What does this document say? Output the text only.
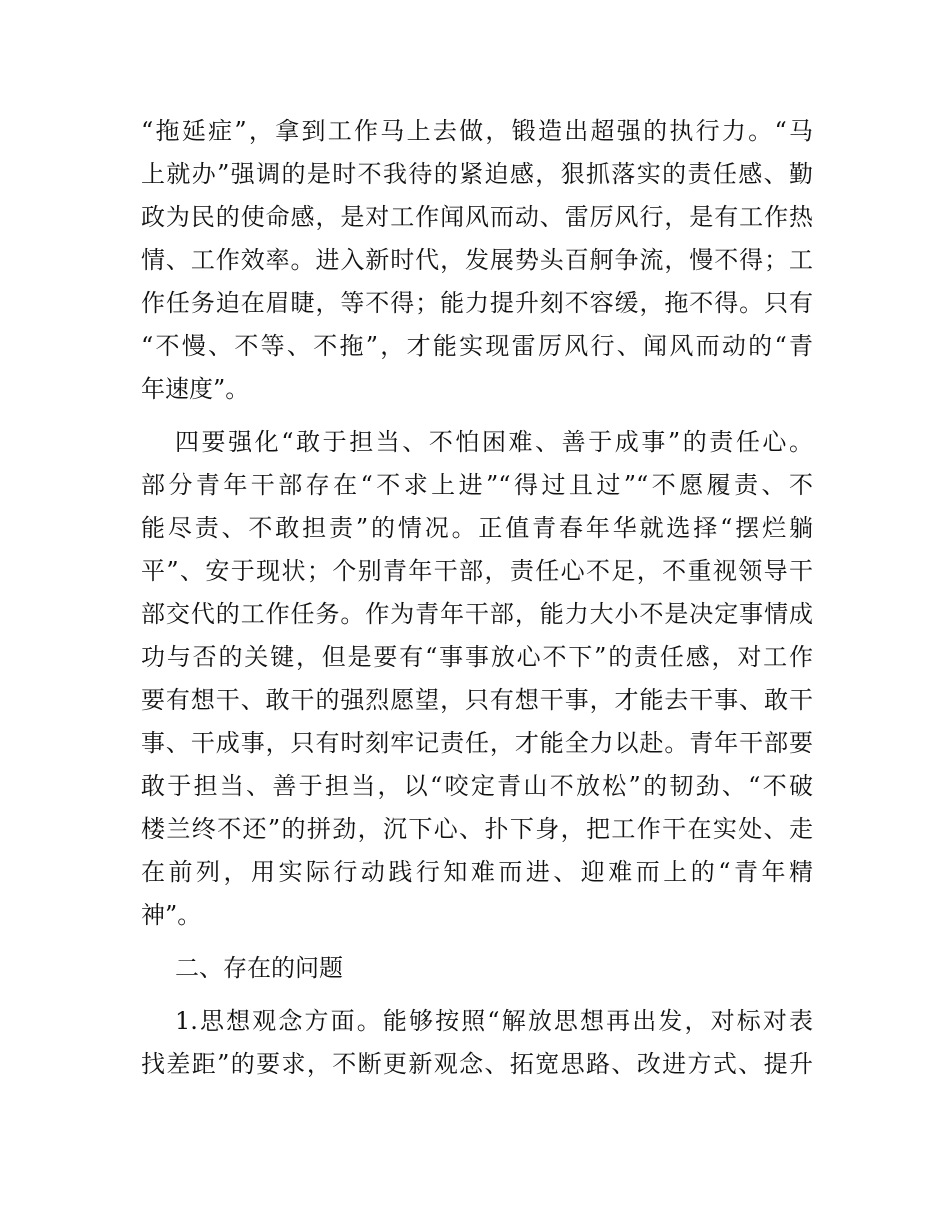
“拖延症”，拿到工作马上去做，锻造出超强的执行力。“马
上就办”强调的是时不我待的紧迫感，狠抓落实的责任感、勤
政为民的使命感，是对工作闻风而动、雷厉风行，是有工作热
情、工作效率。进入新时代，发展势头百舸争流，慢不得；工
作任务迫在眉睫，等不得；能力提升刻不容缓，拖不得。只有
“不慢、不等、不拖”，才能实现雷厉风行、闻风而动的“青
年速度”。
四要强化“敢于担当、不怕困难、善于成事”的责任心。
部分青年干部存在“不求上进”“得过且过”“不愿履责、不
能尽责、不敢担责”的情况。正值青春年华就选择“摆烂躺
平”、安于现状；个别青年干部，责任心不足，不重视领导干
部交代的工作任务。作为青年干部，能力大小不是决定事情成
功与否的关键，但是要有“事事放心不下”的责任感，对工作
要有想干、敢干的强烈愿望，只有想干事，才能去干事、敢干
事、干成事，只有时刻牢记责任，才能全力以赴。青年干部要
敢于担当、善于担当，以“咬定青山不放松”的韧劲、“不破
楼兰终不还”的拼劲，沉下心、扑下身，把工作干在实处、走
在前列，用实际行动践行知难而进、迎难而上的“青年精
神”。
二、存在的问题
1.思想观念方面。能够按照“解放思想再出发，对标对表
找差距”的要求，不断更新观念、拓宽思路、改进方式、提升
